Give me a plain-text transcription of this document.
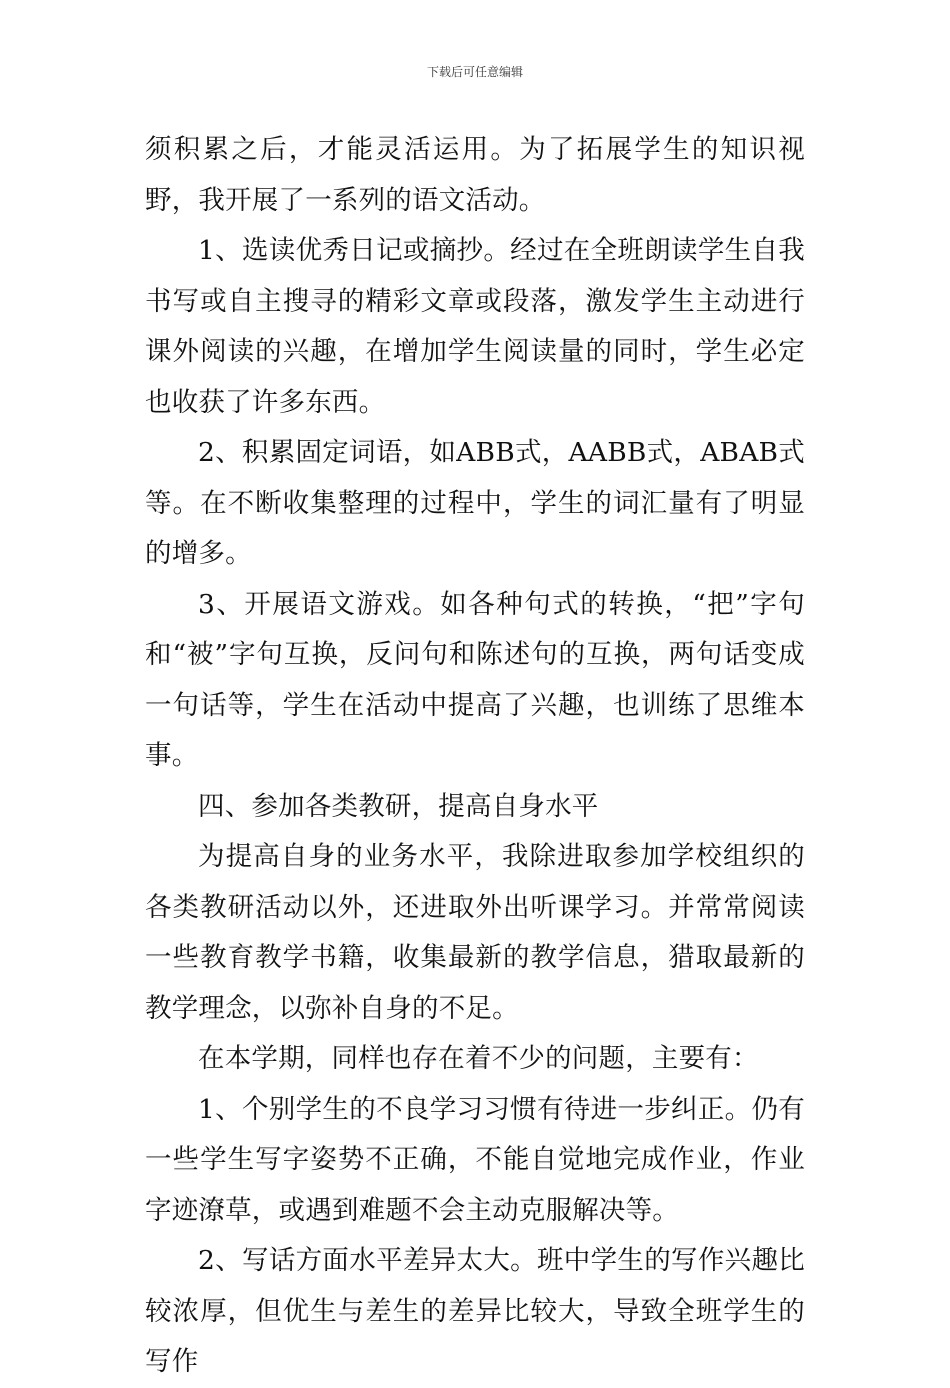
下载后可任意编辑

须积累之后，才能灵活运用。为了拓展学生的知识视野，我开展了一系列的语文活动。

1、选读优秀日记或摘抄。经过在全班朗读学生自我书写或自主搜寻的精彩文章或段落，激发学生主动进行课外阅读的兴趣，在增加学生阅读量的同时，学生必定也收获了许多东西。

2、积累固定词语，如ABB式，AABB式，ABAB式等。在不断收集整理的过程中，学生的词汇量有了明显的增多。

3、开展语文游戏。如各种句式的转换，“把”字句和“被”字句互换，反问句和陈述句的互换，两句话变成一句话等，学生在活动中提高了兴趣，也训练了思维本事。

四、参加各类教研，提高自身水平

为提高自身的业务水平，我除进取参加学校组织的各类教研活动以外，还进取外出听课学习。并常常阅读一些教育教学书籍，收集最新的教学信息，猎取最新的教学理念，以弥补自身的不足。

在本学期，同样也存在着不少的问题，主要有：

1、个别学生的不良学习习惯有待进一步纠正。仍有一些学生写字姿势不正确，不能自觉地完成作业，作业字迹潦草，或遇到难题不会主动克服解决等。

2、写话方面水平差异太大。班中学生的写作兴趣比较浓厚，但优生与差生的差异比较大，导致全班学生的写作
